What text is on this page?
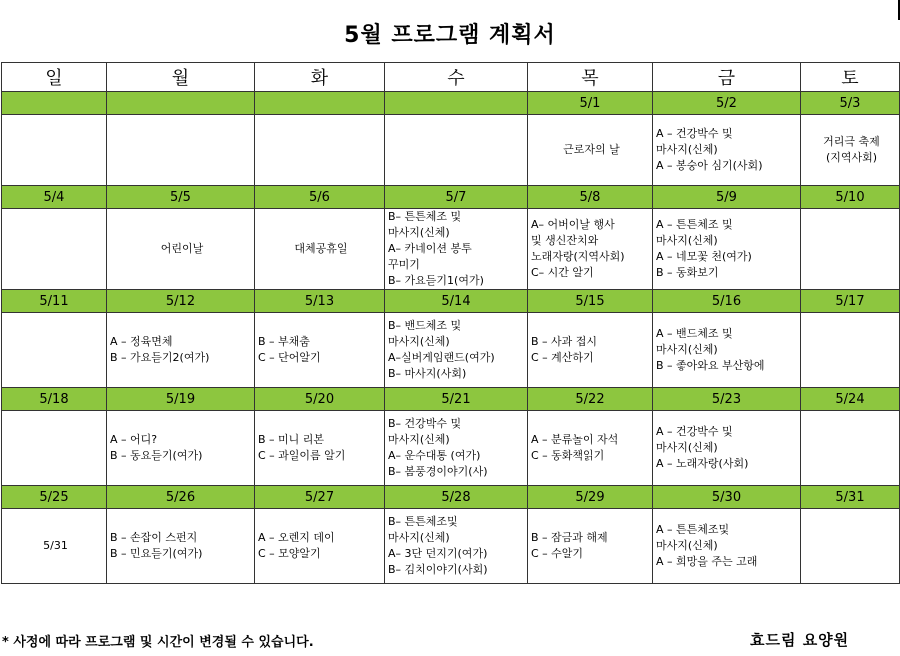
5월 프로그램 계획서
일	월	화	수	목	금	토
				5/1	5/2	5/3

				근로자의 날	A – 건강박수 및
마사지(신체)
A – 봉숭아 심기(사회)	거리극 축제
(지역사회)

5/4	5/5	5/6	5/7	5/8	5/9	5/10

	어린이날	대체공휴일	B– 튼튼체조 및
마사지(신체)
A– 카네이션 봉투
꾸미기
B– 가요듣기1(여가)	A– 어버이날 행사
및 생신잔치와
노래자랑(지역사회)
C– 시간 알기	A – 튼튼체조 및
마사지(신체)
A – 네모꽃 천(여가)
B – 동화보기	

5/11	5/12	5/13	5/14	5/15	5/16	5/17

	A – 정육면체
B – 가요듣기2(여가)	B – 부채춤
C – 단어알기	B– 밴드체조 및
마사지(신체)
A–실버게임랜드(여가)
B– 마사지(사회)	B – 사과 접시
C – 계산하기	A – 밴드체조 및
마사지(신체)
B – 좋아와요 부산항에	

5/18	5/19	5/20	5/21	5/22	5/23	5/24

	A – 어디?
B – 동요듣기(여가)	B – 미니 리본
C – 과일이름 알기	B– 건강박수 및
마사지(신체)
A– 운수대통 (여가)
B– 봄풍경이야기(사)	A – 분류놀이 자석
C – 동화책읽기	A – 건강박수 및
마사지(신체)
A – 노래자랑(사회)	

5/25	5/26	5/27	5/28	5/29	5/30	5/31

5/31	B – 손잡이 스펀지
B – 민요듣기(여가)	A – 오렌지 데이
C – 모양알기	B– 튼튼체조및
마사지(신체)
A– 3단 던지기(여가)
B– 김치이야기(사회)	B – 잠금과 해제
C – 수알기	A – 튼튼체조및
마사지(신체)
A – 희망을 주는 고래	

* 사정에 따라 프로그램 및 시간이 변경될 수 있습니다.	효드림 요양원
